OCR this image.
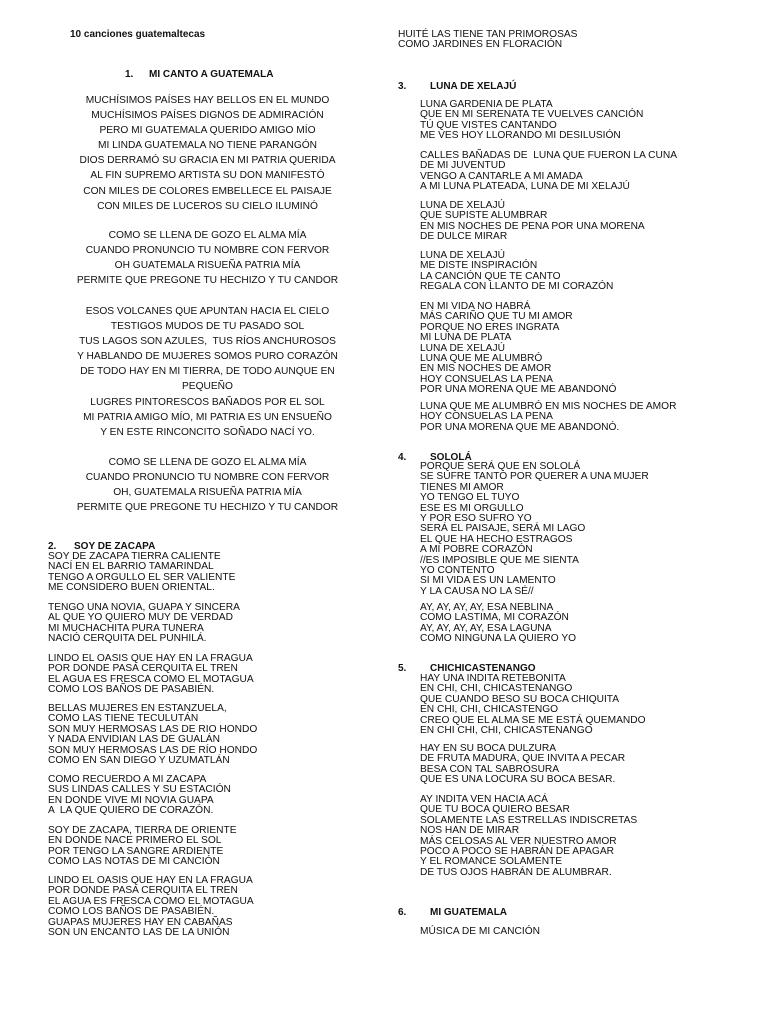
10 canciones guatemaltecas
1. MI CANTO A GUATEMALA
MUCHÍSIMOS PAÍSES HAY BELLOS EN EL MUNDO
MUCHÍSIMOS PAÍSES DIGNOS DE ADMIRACIÓN
PERO MI GUATEMALA QUERIDO AMIGO MÍO
MI LINDA GUATEMALA NO TIENE PARANGÓN
DIOS DERRAMÓ SU GRACIA EN MI PATRIA QUERIDA
AL FIN SUPREMO ARTISTA SU DON MANIFESTÓ
CON MILES DE COLORES EMBELLECE EL PAISAJE
CON MILES DE LUCEROS SU CIELO ILUMINÓ
COMO SE LLENA DE GOZO EL ALMA MÍA
CUANDO PRONUNCIO TU NOMBRE CON FERVOR
OH GUATEMALA RISUEÑA PATRIA MÍA
PERMITE QUE PREGONE TU HECHIZO Y TU CANDOR
ESOS VOLCANES QUE APUNTAN HACIA EL CIELO
TESTIGOS MUDOS DE TU PASADO SOL
TUS LAGOS SON AZULES,  TUS RÍOS ANCHUROSOS
Y HABLANDO DE MUJERES SOMOS PURO CORAZÓN
DE TODO HAY EN MI TIERRA, DE TODO AUNQUE EN
PEQUEÑO
LUGRES PINTORESCOS BAÑADOS POR EL SOL
MI PATRIA AMIGO MÍO, MI PATRIA ES UN ENSUEÑO
Y EN ESTE RINCONCITO SOÑADO NACÍ YO.
COMO SE LLENA DE GOZO EL ALMA MÍA
CUANDO PRONUNCIO TU NOMBRE CON FERVOR
OH, GUATEMALA RISUEÑA PATRIA MÍA
PERMITE QUE PREGONE TU HECHIZO Y TU CANDOR
2. SOY DE ZACAPA
SOY DE ZACAPA TIERRA CALIENTE
NACÍ EN EL BARRIO TAMARINDAL
TENGO A ORGULLO EL SER VALIENTE
ME CONSIDERO BUEN ORIENTAL.
TENGO UNA NOVIA, GUAPA Y SINCERA
AL QUE YO QUIERO MUY DE VERDAD
MI MUCHACHITA PURA TUNERA
NACIÓ CERQUITA DEL PUNHILÁ.
LINDO EL OASIS QUE HAY EN LA FRAGUA
POR DONDE PASA CERQUITA EL TREN
EL AGUA ES FRESCA COMO EL MOTAGUA
COMO LOS BAÑOS DE PASABIÉN.
BELLAS MUJERES EN ESTANZUELA,
COMO LAS TIENE TECULUTÁN
SON MUY HERMOSAS LAS DE RIO HONDO
Y NADA ENVIDIAN LAS DE GUALÁN
SON MUY HERMOSAS LAS DE RÍO HONDO
COMO EN SAN DIEGO Y UZUMATLÁN
COMO RECUERDO A MI ZACAPA
SUS LINDAS CALLES Y SU ESTACIÓN
EN DONDE VIVE MI NOVIA GUAPA
A  LA QUE QUIERO DE CORAZÓN.
SOY DE ZACAPA, TIERRA DE ORIENTE
EN DONDE NACE PRIMERO EL SOL
POR TENGO LA SANGRE ARDIENTE
COMO LAS NOTAS DE MI CANCIÓN
LINDO EL OASIS QUE HAY EN LA FRAGUA
POR DONDE PASA CERQUITA EL TREN
EL AGUA ES FRESCA COMO EL MOTAGUA
COMO LOS BAÑOS DE PASABIÉN.
GUAPAS MUJERES HAY EN CABAÑAS
SON UN ENCANTO LAS DE LA UNIÓN
HUITÉ LAS TIENE TAN PRIMOROSAS
COMO JARDINES EN FLORACIÓN
3. LUNA DE XELAJÚ
LUNA GARDENIA DE PLATA
QUE EN MI SERENATA TE VUELVES CANCIÓN
TÚ QUE VISTES CANTANDO
ME VES HOY LLORANDO MI DESILUSIÓN
CALLES BAÑADAS DE  LUNA QUE FUERON LA CUNA
DE MI JUVENTUD
VENGO A CANTARLE A MI AMADA
A MI LUNA PLATEADA, LUNA DE MI XELAJÚ
LUNA DE XELAJÚ
QUE SUPISTE ALUMBRAR
EN MIS NOCHES DE PENA POR UNA MORENA
DE DULCE MIRAR
LUNA DE XELAJÚ
ME DISTE INSPIRACIÓN
LA CANCIÓN QUE TE CANTO
REGALA CON LLANTO DE MI CORAZÓN
EN MI VIDA NO HABRÁ
MÁS CARIÑO QUE TU MI AMOR
PORQUE NO ERES INGRATA
MI LUNA DE PLATA
LUNA DE XELAJÚ
LUNA QUE ME ALUMBRÓ
EN MIS NOCHES DE AMOR
HOY CONSUELAS LA PENA
POR UNA MORENA QUE ME ABANDONÓ
LUNA QUE ME ALUMBRÓ EN MIS NOCHES DE AMOR
HOY CONSUELAS LA PENA
POR UNA MORENA QUE ME ABANDONÓ.
4. SOLOLÁ
PORQUE SERÁ QUE EN SOLOLÁ
SE SUFRE TANTO POR QUERER A UNA MUJER
TIENES MI AMOR
YO TENGO EL TUYO
ESE ES MI ORGULLO
Y POR ESO SUFRO YO
SERÁ EL PAISAJE, SERÁ MI LAGO
EL QUE HA HECHO ESTRAGOS
A MI POBRE CORAZÓN
//ES IMPOSIBLE QUE ME SIENTA
YO CONTENTO
SI MI VIDA ES UN LAMENTO
Y LA CAUSA NO LA SÉ//
AY, AY, AY, AY, ESA NEBLINA
COMO LASTIMA, MI CORAZÓN
AY, AY, AY, AY, ESA LAGUNA
COMO NINGUNA LA QUIERO YO
5. CHICHICASTENANGO
HAY UNA INDITA RETEBONITA
EN CHI, CHI, CHICASTENANGO
QUE CUANDO BESO SU BOCA CHIQUITA
EN CHI, CHI, CHICASTENGO
CREO QUE EL ALMA SE ME ESTÁ QUEMANDO
EN CHI CHI, CHI, CHICASTENANGO
HAY EN SU BOCA DULZURA
DE FRUTA MADURA, QUE INVITA A PECAR
BESA CON TAL SABROSURA
QUE ES UNA LOCURA SU BOCA BESAR.
AY INDITA VEN HACIA ACÁ
QUE TU BOCA QUIERO BESAR
SOLAMENTE LAS ESTRELLAS INDISCRETAS
NOS HAN DE MIRAR
MÁS CELOSAS AL VER NUESTRO AMOR
POCO A POCO SE HABRÁN DE APAGAR
Y EL ROMANCE SOLAMENTE
DE TUS OJOS HABRÁN DE ALUMBRAR.
6. MI GUATEMALA
MÚSICA DE MI CANCIÓN
